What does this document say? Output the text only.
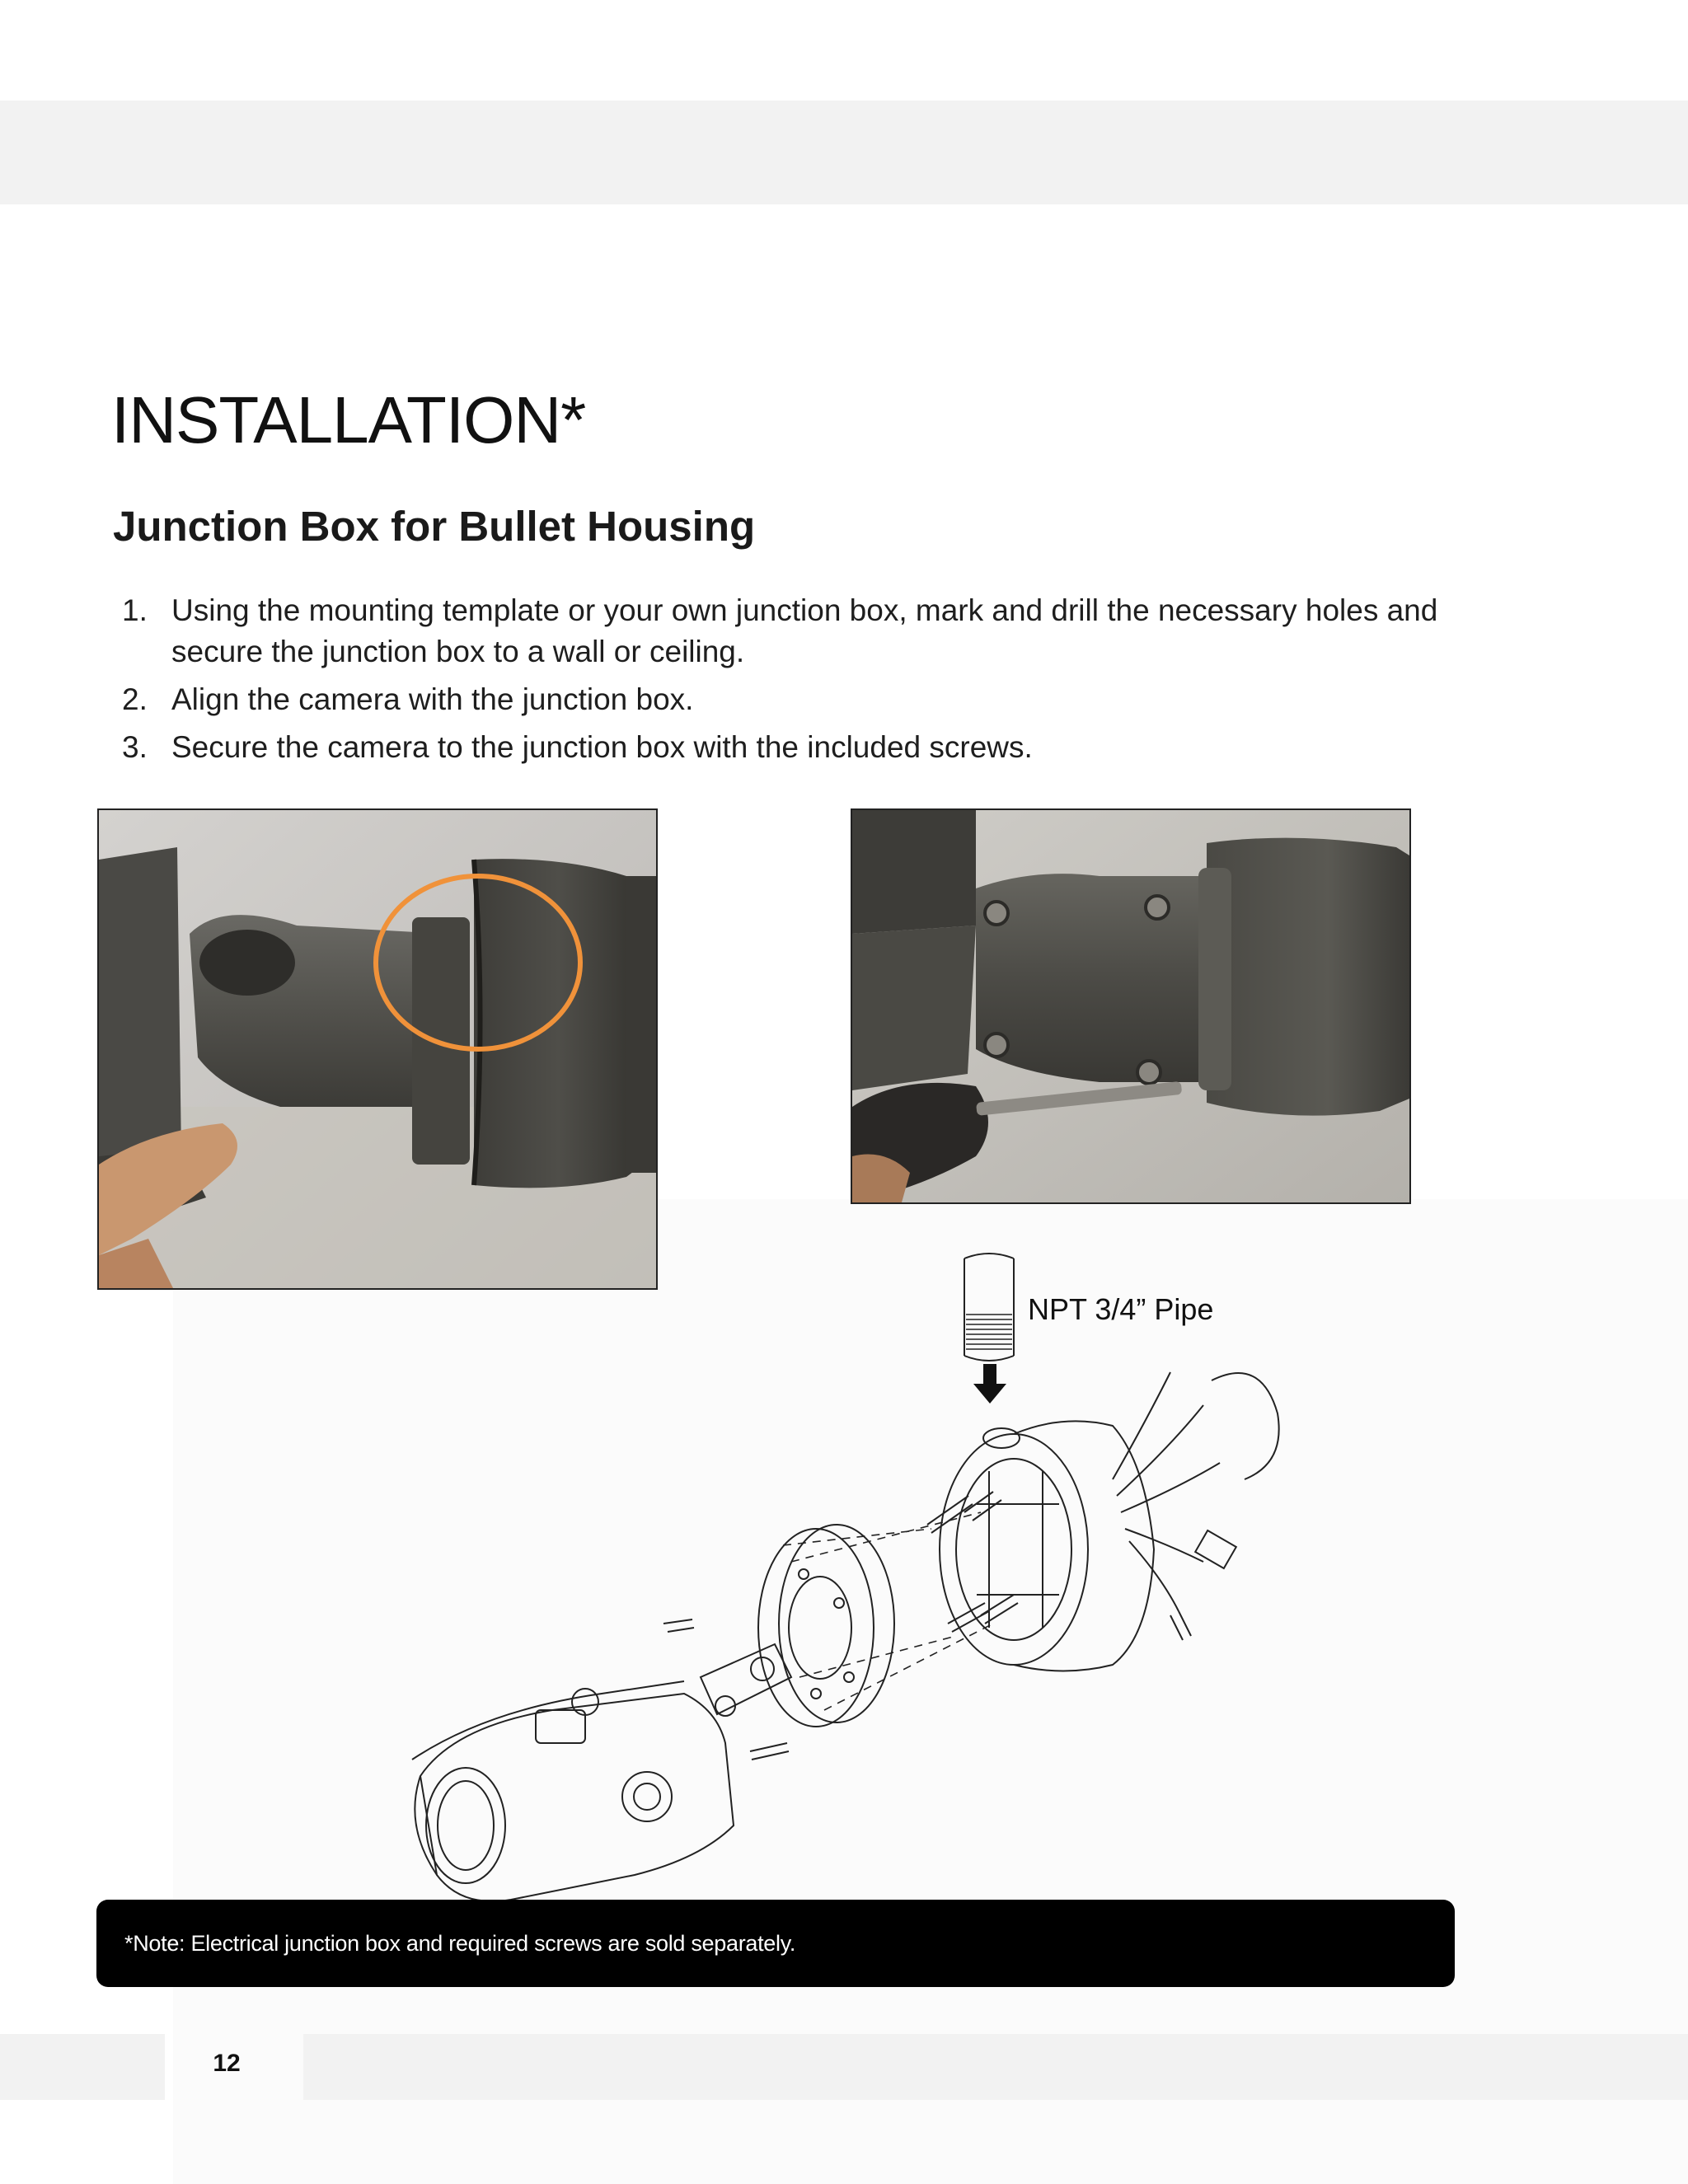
INSTALLATION*
Junction Box for Bullet Housing
1. Using the mounting template or your own junction box, mark and drill the necessary holes and secure the junction box to a wall or ceiling.
2. Align the camera with the junction box.
3. Secure the camera to the junction box with the included screws.
NPT 3/4” Pipe
*Note: Electrical junction box and required screws are sold separately.
12
